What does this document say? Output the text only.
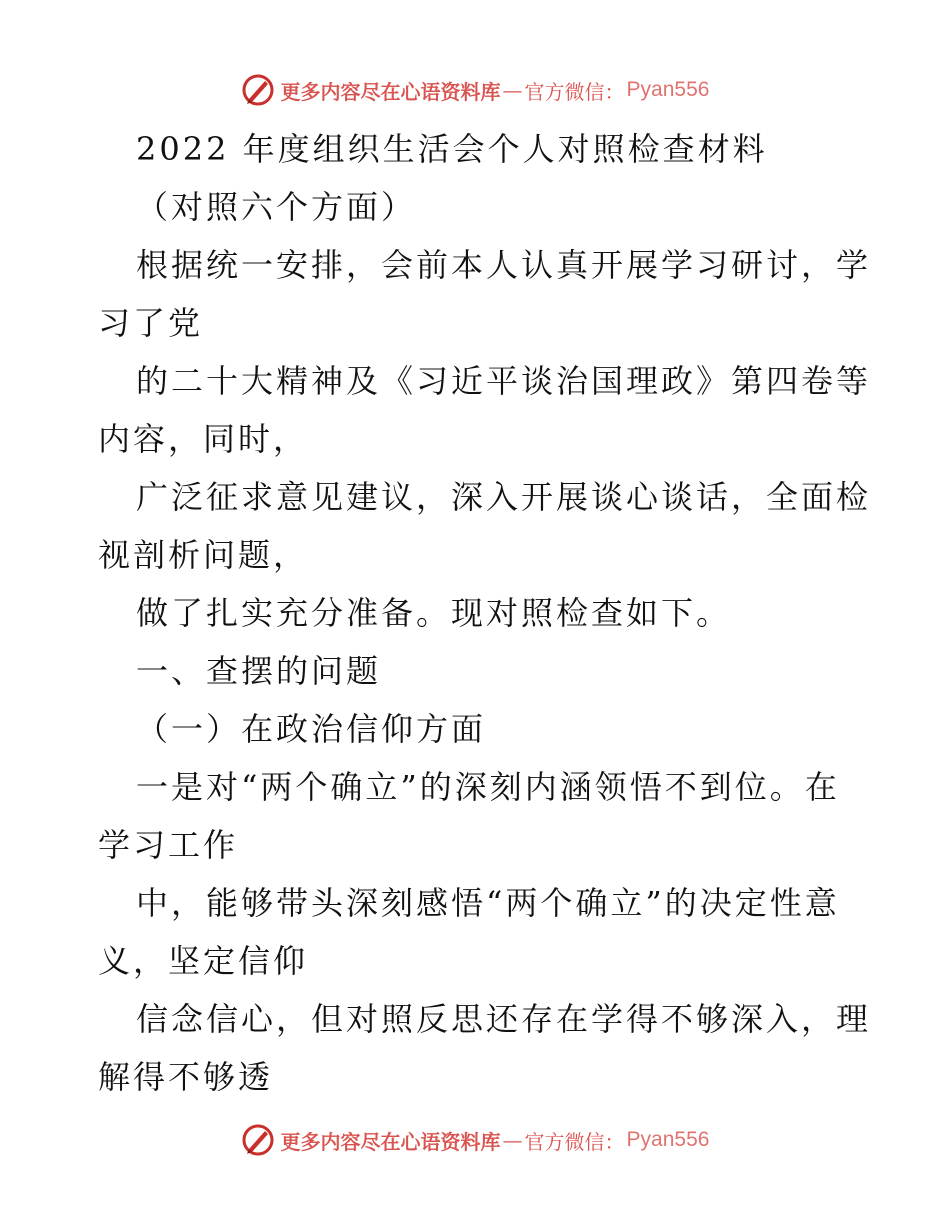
更多内容尽在心语资料库 — 官方微信： Pyan556
2022 年度组织生活会个人对照检查材料
（对照六个方面）
根据统一安排，会前本人认真开展学习研讨，学
习了党
的二十大精神及《习近平谈治国理政》第四卷等
内容，同时，
广泛征求意见建议，深入开展谈心谈话，全面检
视剖析问题，
做了扎实充分准备。现对照检查如下。
一、查摆的问题
（一）在政治信仰方面
一是对“两个确立”的深刻内涵领悟不到位。在
学习工作
中，能够带头深刻感悟“两个确立”的决定性意
义，坚定信仰
信念信心，但对照反思还存在学得不够深入，理
解得不够透
更多内容尽在心语资料库 — 官方微信： Pyan556
